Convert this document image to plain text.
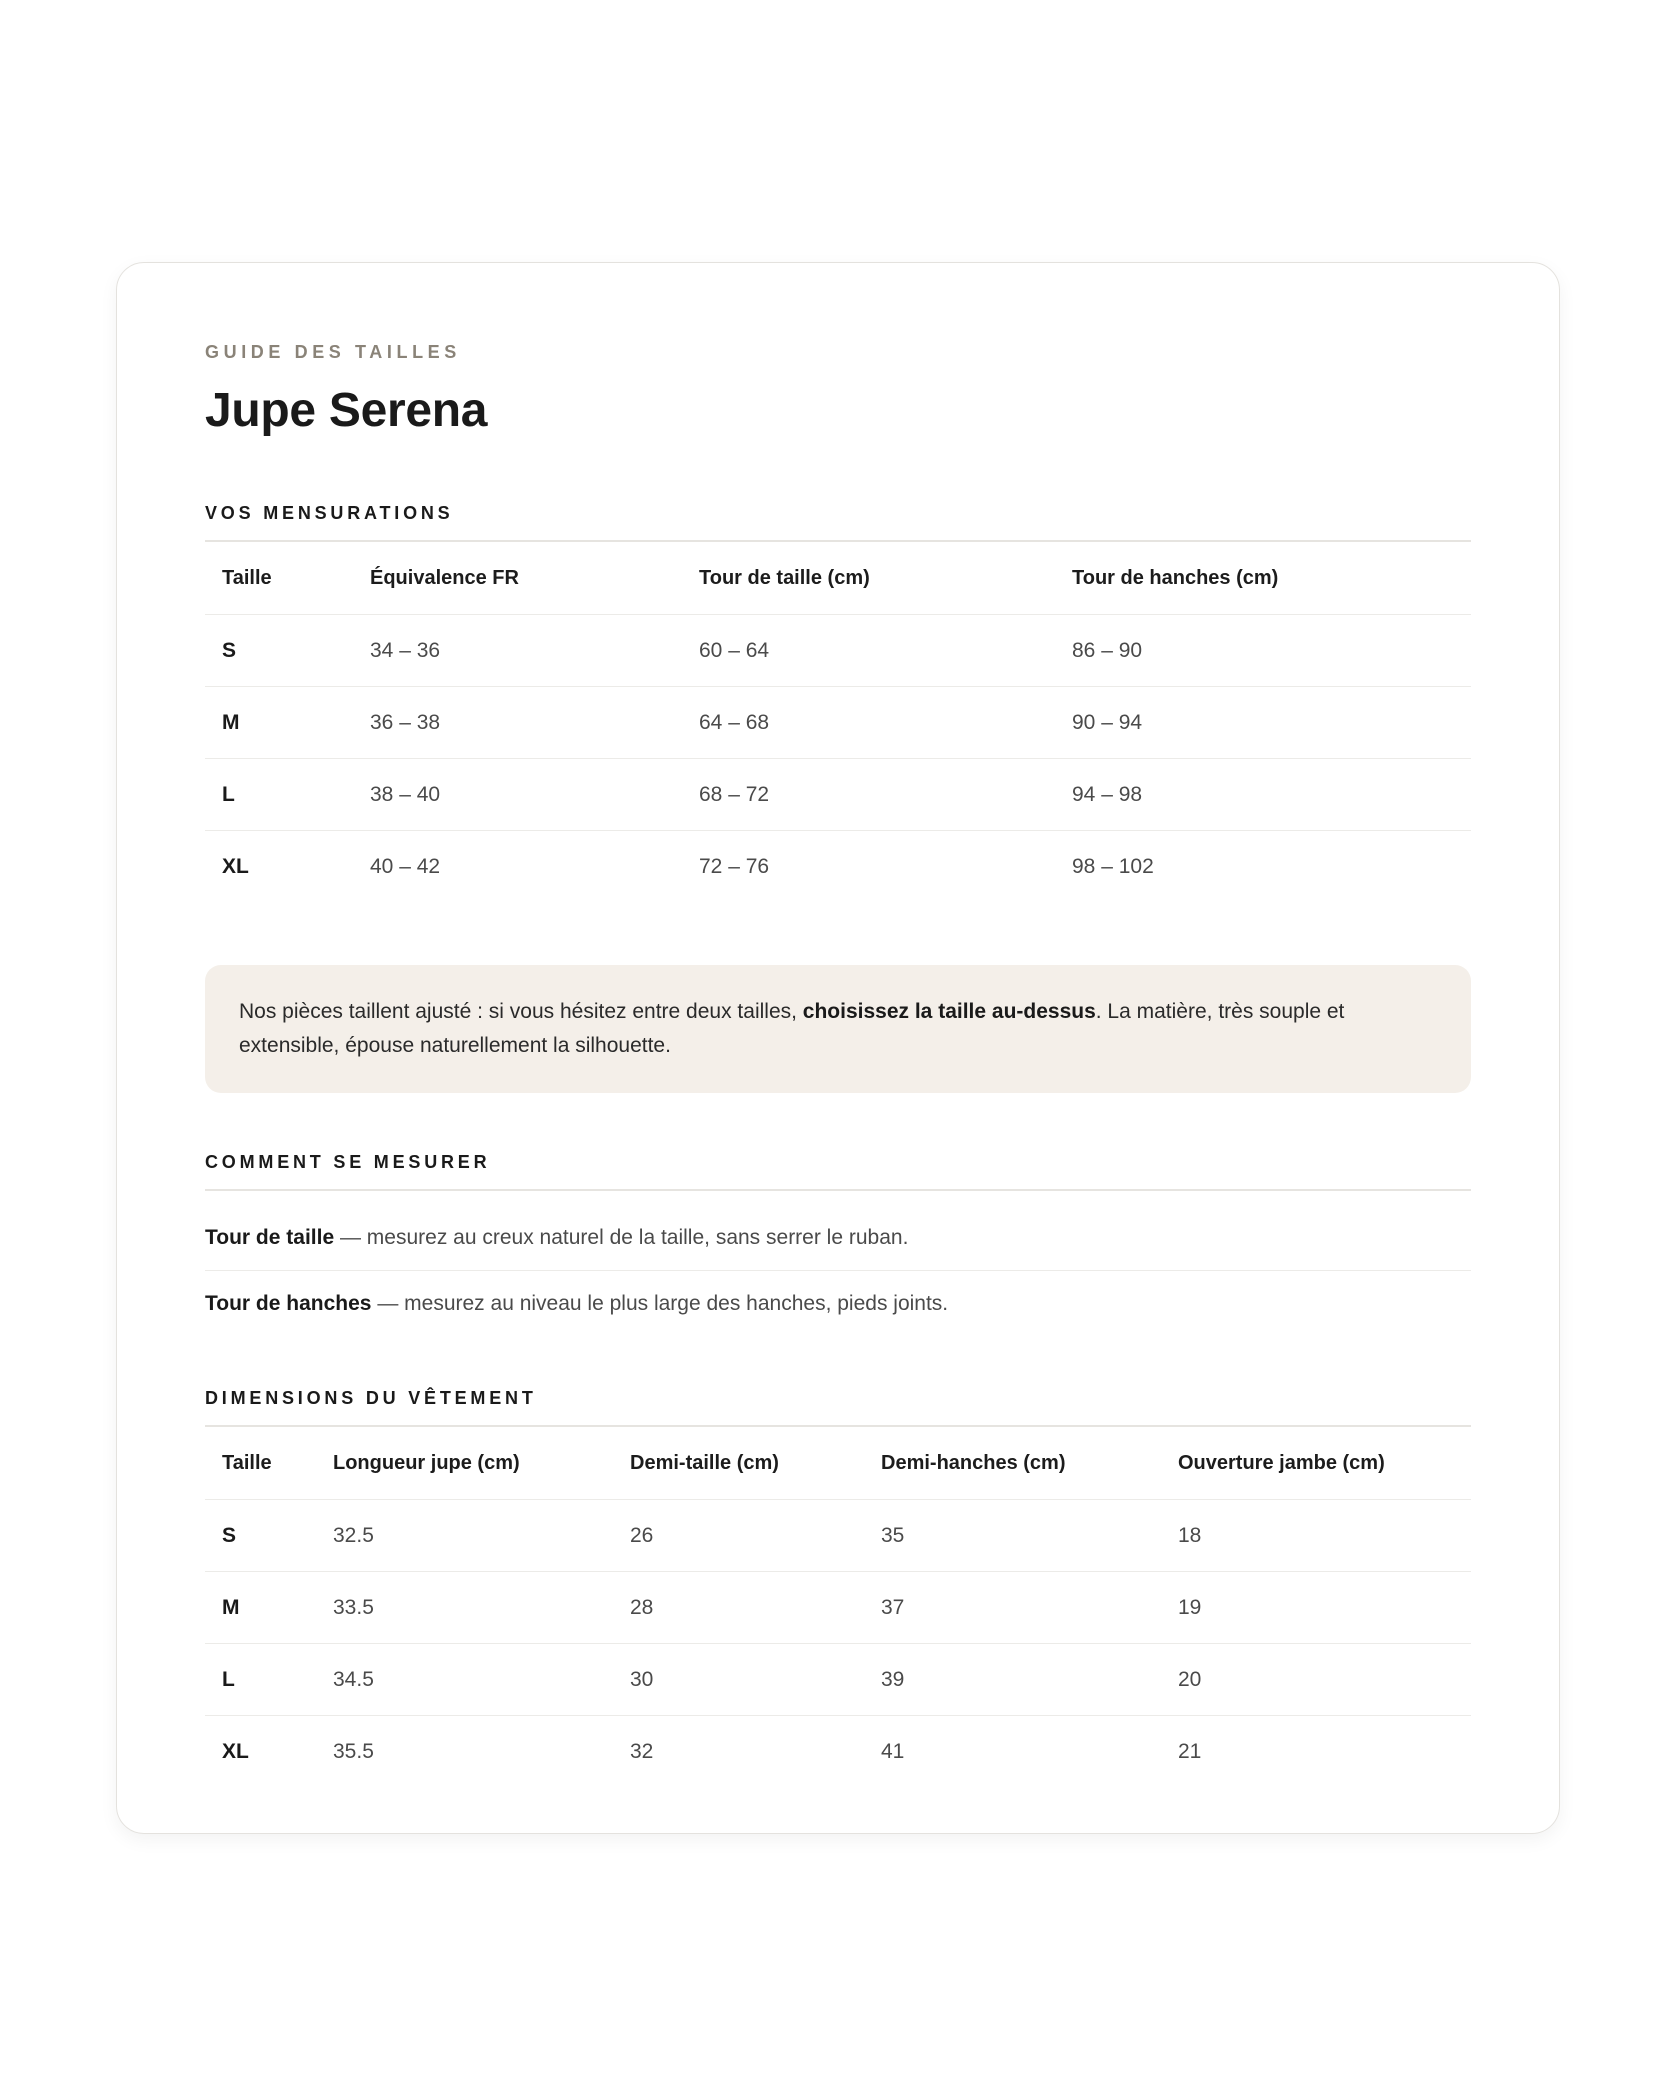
GUIDE DES TAILLES

Jupe Serena
VOS MENSURATIONS
Taille	Équivalence FR	Tour de taille (cm)	Tour de hanches (cm)
S	34 – 36	60 – 64	86 – 90
M	36 – 38	64 – 68	90 – 94
L	38 – 40	68 – 72	94 – 98
XL	40 – 42	72 – 76	98 – 102
Nos pièces taillent ajusté : si vous hésitez entre deux tailles, choisissez la taille au-dessus. La matière, très souple et extensible, épouse naturellement la silhouette.
COMMENT SE MESURER
Tour de taille — mesurez au creux naturel de la taille, sans serrer le ruban.
Tour de hanches — mesurez au niveau le plus large des hanches, pieds joints.
DIMENSIONS DU VÊTEMENT
Taille	Longueur jupe (cm)	Demi-taille (cm)	Demi-hanches (cm)	Ouverture jambe (cm)
S	32.5	26	35	18
M	33.5	28	37	19
L	34.5	30	39	20
XL	35.5	32	41	21
